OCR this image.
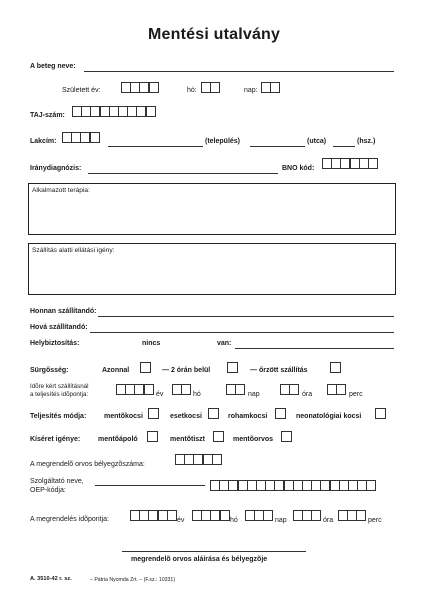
Mentési utalvány
A beteg neve:
Született év:	hó:	nap:
TAJ-szám:
Lakcím:	(település)	(utca)	(hsz.)
Iránydiagnózis:	BNO kód:
Alkalmazott terápia:
Szállítás alatti ellátási igény:
Honnan szállítandó:
Hová szállítandó:
Helybiztosítás:	nincs	van:
Sürgősség:	Azonnal	— 2 órán belül	— őrzött szállítás
Idõre kért szállításnál
a teljesítés idõpontja:	év	hó	nap	óra	perc
Teljesítés módja:	mentõkocsi	esetkocsi	rohamkocsi	neonatológiai kocsi
Kíséret igénye:	mentõápoló	mentõtiszt	mentõorvos
A megrendelõ orvos bélyegzõszáma:
Szolgáltató neve,
OEP-kódja:
A megrendelés idõpontja:	év	hó	nap	óra	perc
megrendelõ orvos aláírása és bélyegzõje
A. 3510-42 r. sz.	– Pátria Nyomda Zrt. – (F.sz.: 10331)
